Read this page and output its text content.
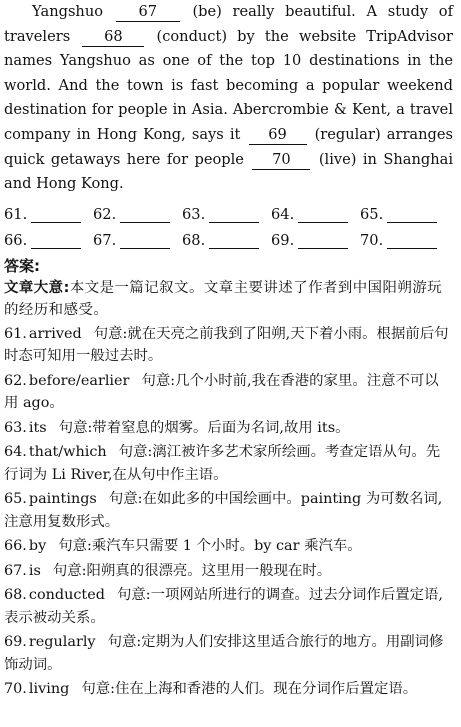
Yangshuo 67 (be) really beautiful. A study of travelers 68 (conduct) by the website TripAdvisor names Yangshuo as one of the top 10 destinations in the world. And the town is fast becoming a popular weekend destination for people in Asia. Abercrombie & Kent, a travel company in Hong Kong, says it 69 (regular) arranges quick getaways here for people 70 (live) in Shanghai and Hong Kong.
61.	62.	63.	64.	65.
66.	67.	68.	69.	70.
答案:
文章大意:本文是一篇记叙文。文章主要讲述了作者到中国阳朔游玩的经历和感受。
61. arrived 句意:就在天亮之前我到了阳朔,天下着小雨。根据前后句时态可知用一般过去时。
62. before/earlier 句意:几个小时前,我在香港的家里。注意不可以用 ago。
63. its 句意:带着窒息的烟雾。后面为名词,故用 its。
64. that/which 句意:漓江被许多艺术家所绘画。考查定语从句。先行词为 Li River,在从句中作主语。
65. paintings 句意:在如此多的中国绘画中。painting 为可数名词,注意用复数形式。
66. by 句意:乘汽车只需要 1 个小时。by car 乘汽车。
67. is 句意:阳朔真的很漂亮。这里用一般现在时。
68. conducted 句意:一项网站所进行的调查。过去分词作后置定语,表示被动关系。
69. regularly 句意:定期为人们安排这里适合旅行的地方。用副词修饰动词。
70. living 句意:住在上海和香港的人们。现在分词作后置定语。
